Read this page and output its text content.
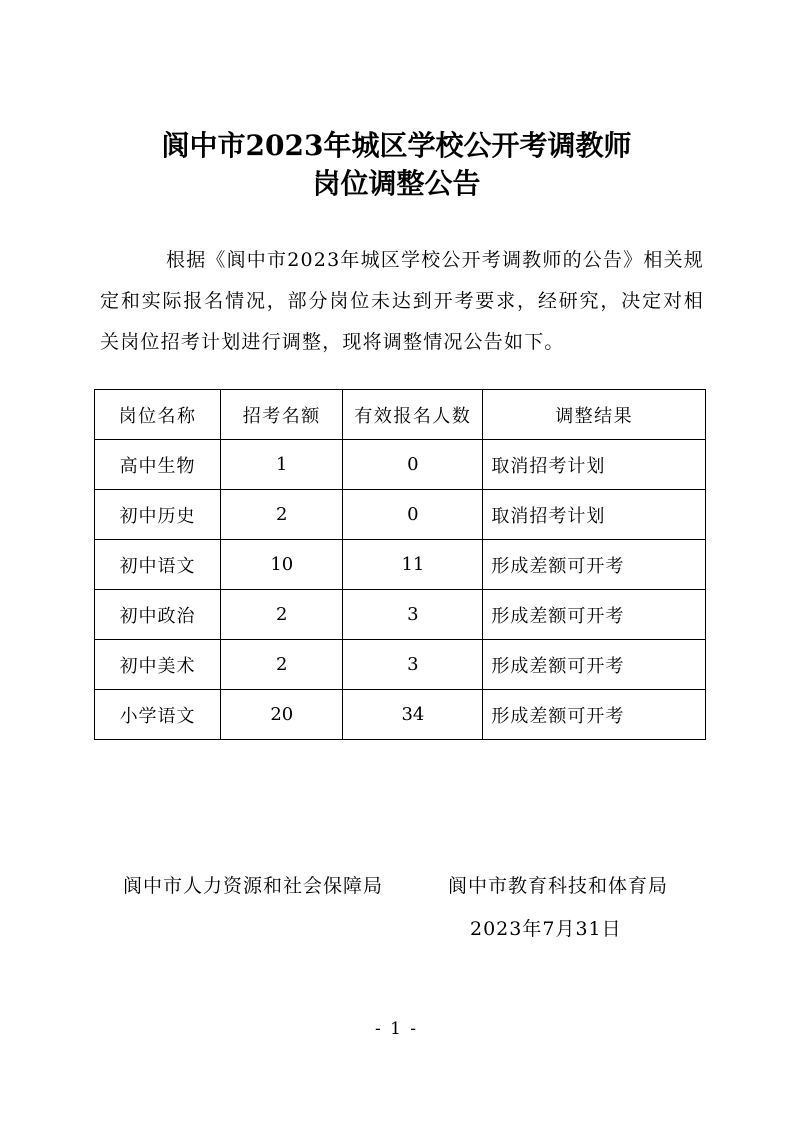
阆中市2023年城区学校公开考调教师
岗位调整公告
根据《阆中市2023年城区学校公开考调教师的公告》相关规定和实际报名情况，部分岗位未达到开考要求，经研究，决定对相关岗位招考计划进行调整，现将调整情况公告如下。
岗位名称	招考名额	有效报名人数	调整结果
高中生物	1	0	取消招考计划
初中历史	2	0	取消招考计划
初中语文	10	11	形成差额可开考
初中政治	2	3	形成差额可开考
初中美术	2	3	形成差额可开考
小学语文	20	34	形成差额可开考
阆中市人力资源和社会保障局	阆中市教育科技和体育局
2023年7月31日
- 1 -
